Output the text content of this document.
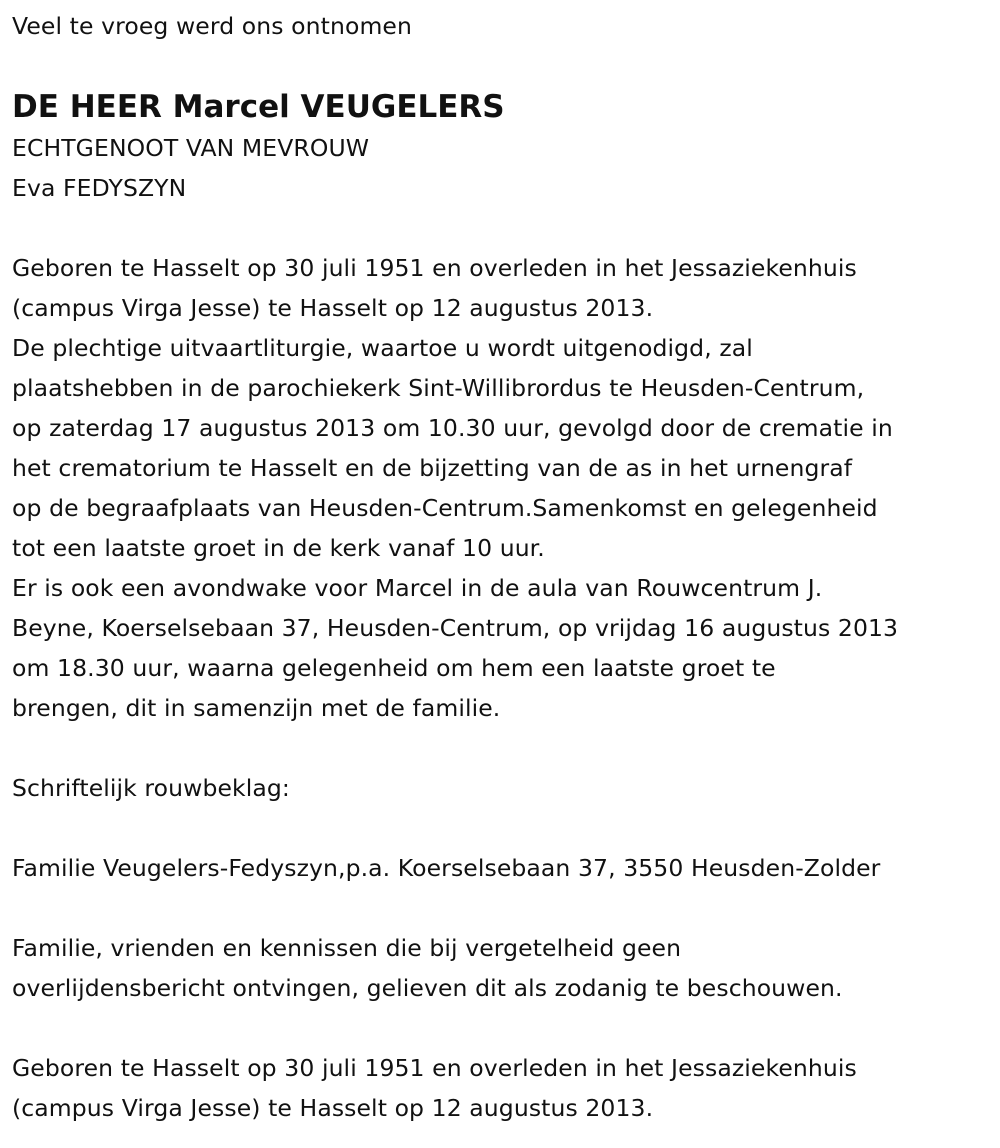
Veel te vroeg werd ons ontnomen
DE HEER Marcel VEUGELERS
ECHTGENOOT VAN MEVROUW
Eva FEDYSZYN
Geboren te Hasselt op 30 juli 1951 en overleden in het Jessaziekenhuis
(campus Virga Jesse) te Hasselt op 12 augustus 2013.
De plechtige uitvaartliturgie, waartoe u wordt uitgenodigd, zal
plaatshebben in de parochiekerk Sint-Willibrordus te Heusden-Centrum,
op zaterdag 17 augustus 2013 om 10.30 uur, gevolgd door de crematie in
het crematorium te Hasselt en de bijzetting van de as in het urnengraf
op de begraafplaats van Heusden-Centrum.Samenkomst en gelegenheid
tot een laatste groet in de kerk vanaf 10 uur.
Er is ook een avondwake voor Marcel in de aula van Rouwcentrum J.
Beyne, Koerselsebaan 37, Heusden-Centrum, op vrijdag 16 augustus 2013
om 18.30 uur, waarna gelegenheid om hem een laatste groet te
brengen, dit in samenzijn met de familie.
Schriftelijk rouwbeklag:
Familie Veugelers-Fedyszyn,p.a. Koerselsebaan 37, 3550 Heusden-Zolder
Familie, vrienden en kennissen die bij vergetelheid geen
overlijdensbericht ontvingen, gelieven dit als zodanig te beschouwen.
Geboren te Hasselt op 30 juli 1951 en overleden in het Jessaziekenhuis
(campus Virga Jesse) te Hasselt op 12 augustus 2013.
